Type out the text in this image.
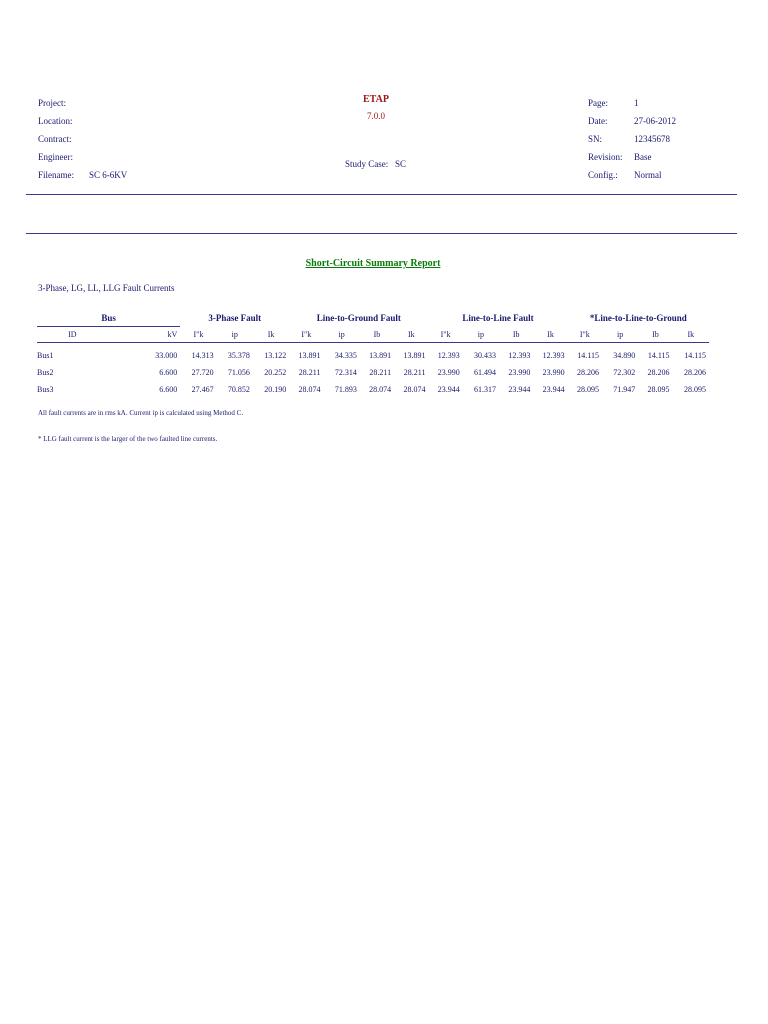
Project:
Location:
Contract:
Engineer:
Filename: SC 6-6KV
ETAP
7.0.0
Study Case: SC
Page:	1
Date:	27-06-2012
SN:	12345678
Revision: Base
Config.: Normal
Short-Circuit Summary Report
3-Phase, LG, LL, LLG Fault Currents
Bus		3-Phase Fault			Line-to-Ground Fault				Line-to-Line Fault				*Line-to-Line-to-Ground			
ID	kV	I"k	ip	Ik	I"k	ip	Ib	Ik	I"k	ip	Ib	Ik	I"k	ip	Ib	Ik
Bus1	33.000	14.313	35.378	13.122	13.891	34.335	13.891	13.891	12.393	30.433	12.393	12.393	14.115	34.890	14.115	14.115
Bus2	6.600	27.720	71.056	20.252	28.211	72.314	28.211	28.211	23.990	61.494	23.990	23.990	28.206	72.302	28.206	28.206
Bus3	6.600	27.467	70.852	20.190	28.074	71.893	28.074	28.074	23.944	61.317	23.944	23.944	28.095	71.947	28.095	28.095
All fault currents are in rms kA. Current ip is calculated using Method C.
* LLG fault current is the larger of the two faulted line currents.
